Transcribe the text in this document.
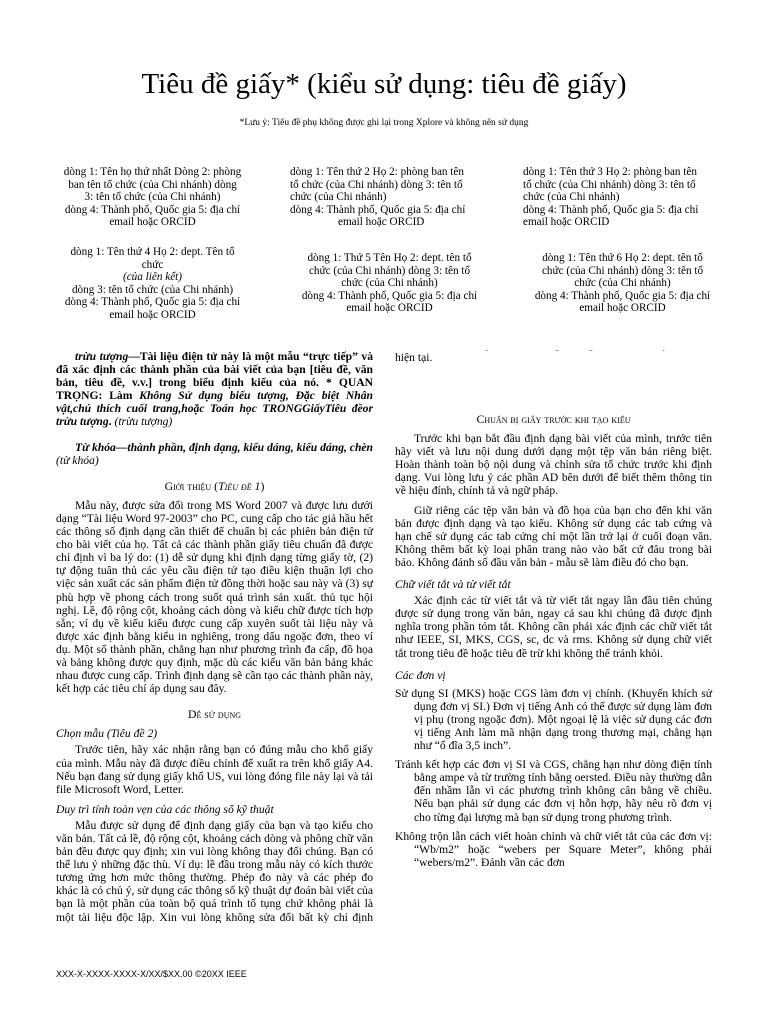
Tiêu đề giấy* (kiểu sử dụng: tiêu đề giấy)
*Lưu ý: Tiêu đề phụ không được ghi lại trong Xplore và không nên sử dụng
dòng 1: Tên họ thứ nhất Dòng 2: phòng
ban tên tổ chức (của Chi nhánh) dòng
3: tên tổ chức (của Chi nhánh)
dòng 4: Thành phố, Quốc gia 5: địa chỉ
email hoặc ORCID
dòng 1: Tên thứ 2 Họ 2: phòng ban tên
tổ chức (của Chi nhánh) dòng 3: tên tổ
chức (của Chi nhánh)
dòng 4: Thành phố, Quốc gia 5: địa chỉ
email hoặc ORCID
dòng 1: Tên thứ 3 Họ 2: phòng ban tên
tổ chức (của Chi nhánh) dòng 3: tên tổ
chức (của Chi nhánh)
dòng 4: Thành phố, Quốc gia 5: địa chỉ
email hoặc ORCID
dòng 1: Tên thứ 4 Họ 2: dept. Tên tổ
chức
(của liên kết)
dòng 3: tên tổ chức (của Chi nhánh)
dòng 4: Thành phố, Quốc gia 5: địa chỉ
email hoặc ORCID
dòng 1: Thứ 5 Tên Họ 2: dept. tên tổ
chức (của Chi nhánh) dòng 3: tên tổ
chức (của Chi nhánh)
dòng 4: Thành phố, Quốc gia 5: địa chỉ
email hoặc ORCID
dòng 1: Tên thứ 6 Họ 2: dept. tên tổ
chức (của Chi nhánh) dòng 3: tên tổ
chức (của Chi nhánh)
dòng 4: Thành phố, Quốc gia 5: địa chỉ
email hoặc ORCID

trừu tượng—Tài liệu điện tử này là một mẫu “trực tiếp” và đã xác định các thành phần của bài viết của bạn [tiêu đề, văn bản, tiêu đề, v.v.] trong biểu định kiểu của nó. * QUAN TRỌNG: Làm Không Sử dụng biểu tượng, Đặc biệt Nhân vật,chú thích cuối trang,hoặc Toán học TRONGGiấyTiêu đềor trừu tượng. (trừu tượng)

Từ khóa—thành phần, định dạng, kiểu dáng, kiểu dáng, chèn (từ khóa)

Giới thiệu (Tiêu đề 1)

Mẫu này, được sửa đổi trong MS Word 2007 và được lưu dưới dạng “Tài liệu Word 97-2003” cho PC, cung cấp cho tác giả hầu hết các thông số định dạng cần thiết để chuẩn bị các phiên bản điện tử cho bài viết của họ. Tất cả các thành phần giấy tiêu chuẩn đã được chỉ định vì ba lý do: (1) dễ sử dụng khi định dạng từng giấy tờ, (2) tự động tuân thủ các yêu cầu điện tử tạo điều kiện thuận lợi cho việc sản xuất các sản phẩm điện tử đồng thời hoặc sau này và (3) sự phù hợp về phong cách trong suốt quá trình sản xuất. thủ tục hội nghị. Lề, độ rộng cột, khoảng cách dòng và kiểu chữ được tích hợp sẵn; ví dụ về kiểu kiểu được cung cấp xuyên suốt tài liệu này và được xác định bằng kiểu in nghiêng, trong dấu ngoặc đơn, theo ví dụ. Một số thành phần, chẳng hạn như phương trình đa cấp, đồ họa và bảng không được quy định, mặc dù các kiểu văn bản bảng khác nhau được cung cấp. Trình định dạng sẽ cần tạo các thành phần này, kết hợp các tiêu chí áp dụng sau đây.

Dễ sử dụng
Chọn mẫu (Tiêu đề 2)

Trước tiên, hãy xác nhận rằng bạn có đúng mẫu cho khổ giấy của mình. Mẫu này đã được điều chỉnh để xuất ra trên khổ giấy A4. Nếu bạn đang sử dụng giấy khổ US, vui lòng đóng file này lại và tải file Microsoft Word, Letter.

Duy trì tính toàn vẹn của các thông số kỹ thuật

Mẫu được sử dụng để định dạng giấy của bạn và tạo kiểu cho văn bản. Tất cả lề, độ rộng cột, khoảng cách dòng và phông chữ văn bản đều được quy định; xin vui lòng không thay đổi chúng. Bạn có thể lưu ý những đặc thù. Ví dụ: lề đầu trong mẫu này có kích thước tương ứng hơn mức thông thường. Phép đo này và các phép đo khác là có chủ ý, sử dụng các thông số kỹ thuật dự đoán bài viết của bạn là một phần của toàn bộ quá trình tố tụng chứ không phải là một tài liệu độc lập. Xin vui lòng không sửa đổi bất kỳ chỉ định

hiện tại.

Chuẩn bị giấy trước khi tạo kiểu

Trước khi bạn bắt đầu định dạng bài viết của mình, trước tiên hãy viết và lưu nội dung dưới dạng một tệp văn bản riêng biệt. Hoàn thành toàn bộ nội dung và chỉnh sửa tổ chức trước khi định dạng. Vui lòng lưu ý các phần AD bên dưới để biết thêm thông tin về hiệu đính, chính tả và ngữ pháp.

Giữ riêng các tệp văn bản và đồ họa của bạn cho đến khi văn bản được định dạng và tạo kiểu. Không sử dụng các tab cứng và hạn chế sử dụng các tab cứng chỉ một lần trở lại ở cuối đoạn văn. Không thêm bất kỳ loại phân trang nào vào bất cứ đâu trong bài báo. Không đánh số đầu văn bản - mẫu sẽ làm điều đó cho bạn.

Chữ viết tắt và từ viết tắt

Xác định các từ viết tắt và từ viết tắt ngay lần đầu tiên chúng được sử dụng trong văn bản, ngay cả sau khi chúng đã được định nghĩa trong phần tóm tắt. Không cần phải xác định các chữ viết tắt như IEEE, SI, MKS, CGS, sc, dc và rms. Không sử dụng chữ viết tắt trong tiêu đề hoặc tiêu đề trừ khi không thể tránh khỏi.

Các đơn vị

Sử dụng SI (MKS) hoặc CGS làm đơn vị chính. (Khuyến khích sử dụng đơn vị SI.) Đơn vị tiếng Anh có thể được sử dụng làm đơn vị phụ (trong ngoặc đơn). Một ngoại lệ là việc sử dụng các đơn vị tiếng Anh làm mã nhận dạng trong thương mại, chẳng hạn như “ổ đĩa 3,5 inch”.

Tránh kết hợp các đơn vị SI và CGS, chẳng hạn như dòng điện tính bằng ampe và từ trường tính bằng oersted. Điều này thường dẫn đến nhầm lẫn vì các phương trình không cân bằng về chiều. Nếu bạn phải sử dụng các đơn vị hỗn hợp, hãy nêu rõ đơn vị cho từng đại lượng mà bạn sử dụng trong phương trình.

Không trộn lẫn cách viết hoàn chỉnh và chữ viết tắt của các đơn vị: “Wb/m2” hoặc “webers per Square Meter”, không phải “webers/m2”. Đánh vần các đơn

XXX-X-XXXX-XXXX-X/XX/$XX.00 ©20XX IEEE
